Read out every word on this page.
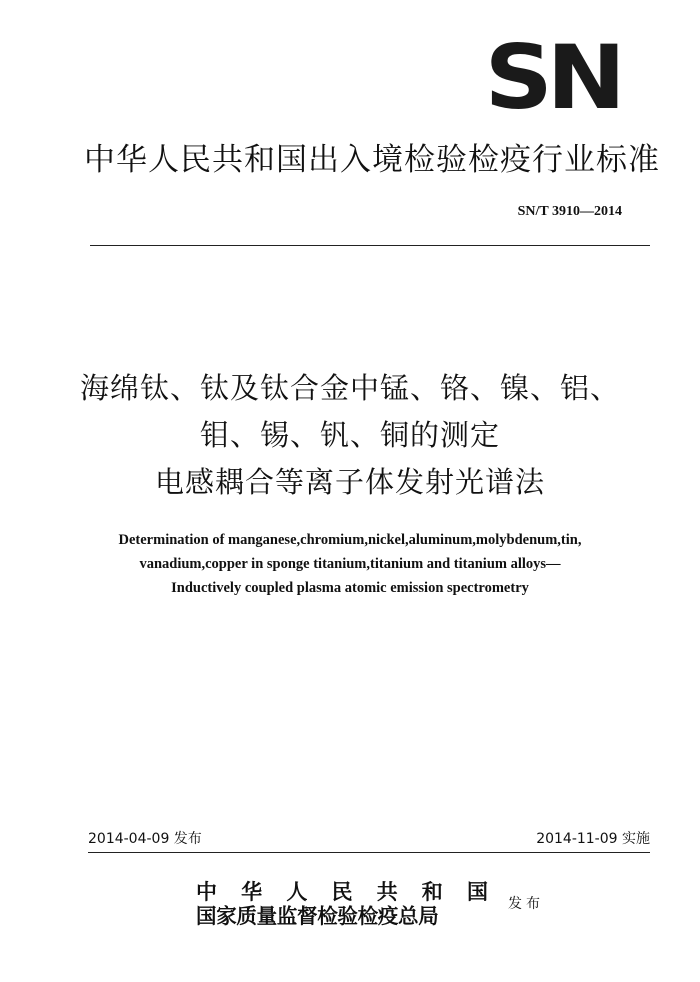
SN
中华人民共和国出入境检验检疫行业标准
SN/T 3910—2014
海绵钛、钛及钛合金中锰、铬、镍、铝、
钼、锡、钒、铜的测定
电感耦合等离子体发射光谱法
Determination of manganese,chromium,nickel,aluminum,molybdenum,tin,
vanadium,copper in sponge titanium,titanium and titanium alloys—
Inductively coupled plasma atomic emission spectrometry
2014-04-09 发布	2014-11-09 实施
中 华 人 民 共 和 国
国家质量监督检验检疫总局	发布
